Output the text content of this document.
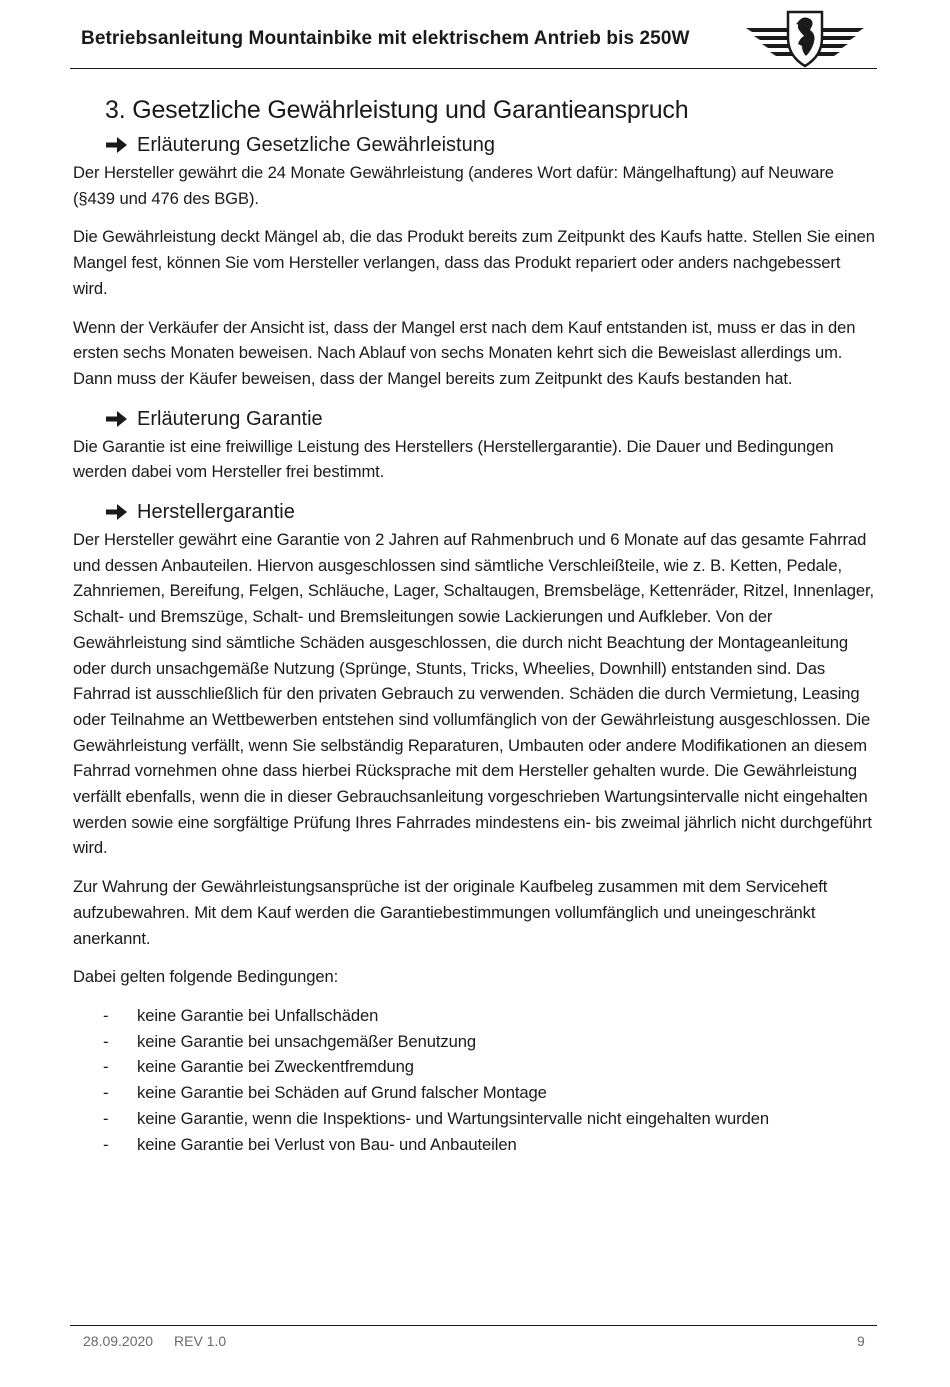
Betriebsanleitung Mountainbike mit elektrischem Antrieb bis 250W
3. Gesetzliche Gewährleistung und Garantieanspruch
Erläuterung Gesetzliche Gewährleistung

Der Hersteller gewährt die 24 Monate Gewährleistung (anderes Wort dafür: Mängelhaftung) auf Neuware (§439 und 476 des BGB).

Die Gewährleistung deckt Mängel ab, die das Produkt bereits zum Zeitpunkt des Kaufs hatte. Stellen Sie einen Mangel fest, können Sie vom Hersteller verlangen, dass das Produkt repariert oder anders nachgebessert wird.

Wenn der Verkäufer der Ansicht ist, dass der Mangel erst nach dem Kauf entstanden ist, muss er das in den ersten sechs Monaten beweisen. Nach Ablauf von sechs Monaten kehrt sich die Beweislast allerdings um. Dann muss der Käufer beweisen, dass der Mangel bereits zum Zeitpunkt des Kaufs bestanden hat.

Erläuterung Garantie

Die Garantie ist eine freiwillige Leistung des Herstellers (Herstellergarantie). Die Dauer und Bedingungen werden dabei vom Hersteller frei bestimmt.

Herstellergarantie

Der Hersteller gewährt eine Garantie von 2 Jahren auf Rahmenbruch und 6 Monate auf das gesamte Fahrrad und dessen Anbauteilen. Hiervon ausgeschlossen sind sämtliche Verschleißteile, wie z. B. Ketten, Pedale, Zahnriemen, Bereifung, Felgen, Schläuche, Lager, Schaltaugen, Bremsbeläge, Kettenräder, Ritzel, Innenlager, Schalt- und Bremszüge, Schalt- und Bremsleitungen sowie Lackierungen und Aufkleber. Von der Gewährleistung sind sämtliche Schäden ausgeschlossen, die durch nicht Beachtung der Montageanleitung oder durch unsachgemäße Nutzung (Sprünge, Stunts, Tricks, Wheelies, Downhill) entstanden sind. Das Fahrrad ist ausschließlich für den privaten Gebrauch zu verwenden. Schäden die durch Vermietung, Leasing oder Teilnahme an Wettbewerben entstehen sind vollumfänglich von der Gewährleistung ausgeschlossen. Die Gewährleistung verfällt, wenn Sie selbständig Reparaturen, Umbauten oder andere Modifikationen an diesem Fahrrad vornehmen ohne dass hierbei Rücksprache mit dem Hersteller gehalten wurde. Die Gewährleistung verfällt ebenfalls, wenn die in dieser Gebrauchsanleitung vorgeschrieben Wartungsintervalle nicht eingehalten werden sowie eine sorgfältige Prüfung Ihres Fahrrades mindestens ein- bis zweimal jährlich nicht durchgeführt wird.

Zur Wahrung der Gewährleistungsansprüche ist der originale Kaufbeleg zusammen mit dem Serviceheft aufzubewahren. Mit dem Kauf werden die Garantiebestimmungen vollumfänglich und uneingeschränkt anerkannt.

Dabei gelten folgende Bedingungen:

- keine Garantie bei Unfallschäden
- keine Garantie bei unsachgemäßer Benutzung
- keine Garantie bei Zweckentfremdung
- keine Garantie bei Schäden auf Grund falscher Montage
- keine Garantie, wenn die Inspektions- und Wartungsintervalle nicht eingehalten wurden
- keine Garantie bei Verlust von Bau- und Anbauteilen
28.09.2020 REV 1.0	9
